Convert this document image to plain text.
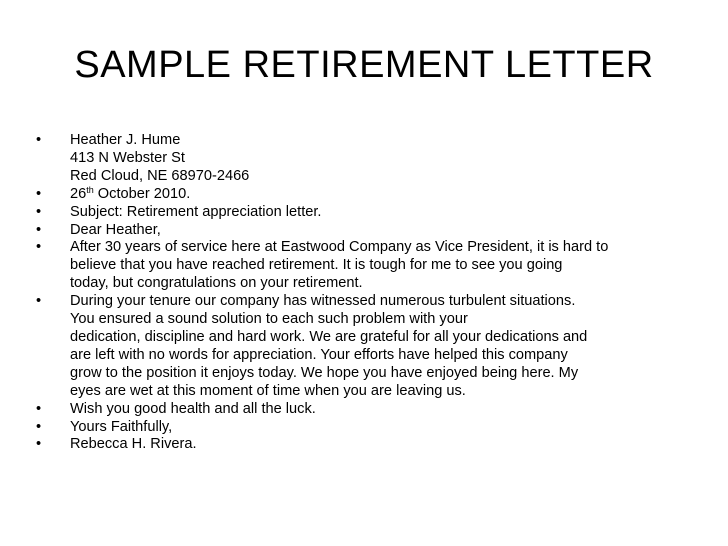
SAMPLE RETIREMENT LETTER
•	Heather J. Hume
413 N Webster St
Red Cloud, NE 68970-2466
•	26th October 2010.
•	Subject: Retirement appreciation letter.
•	Dear Heather,
•	After 30 years of service here at Eastwood Company as Vice President, it is hard to
believe that you have reached retirement. It is tough for me to see you going
today, but congratulations on your retirement.
•	During your tenure our company has witnessed numerous turbulent situations.
You ensured a sound solution to each such problem with your
dedication, discipline and hard work. We are grateful for all your dedications and
are left with no words for appreciation. Your efforts have helped this company
grow to the position it enjoys today. We hope you have enjoyed being here. My
eyes are wet at this moment of time when you are leaving us.
•	Wish you good health and all the luck.
•	Yours Faithfully,
•	Rebecca H. Rivera.
